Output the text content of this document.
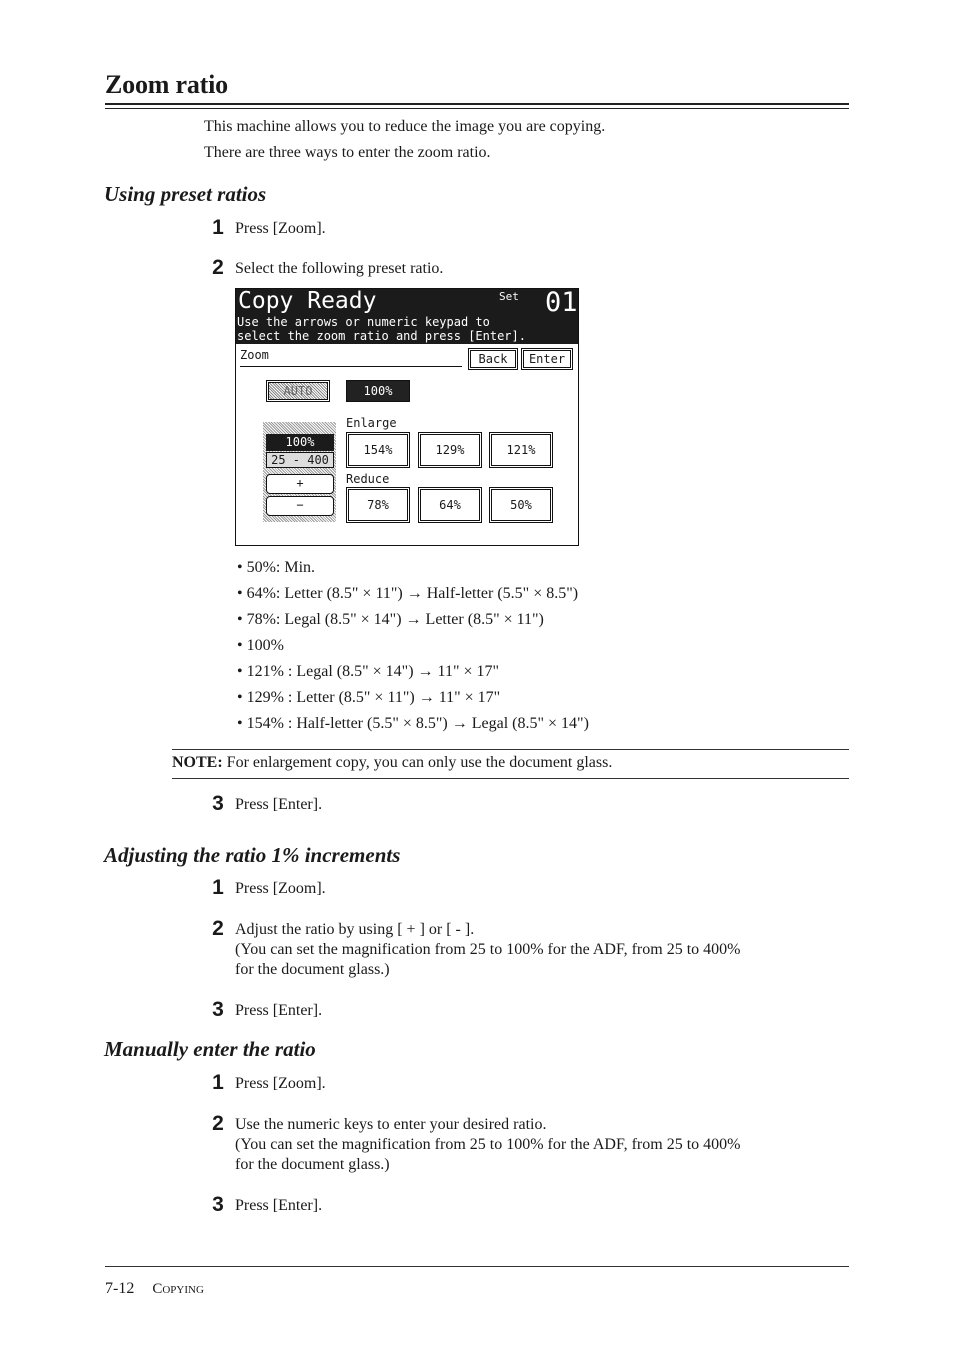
Zoom ratio
This machine allows you to reduce the image you are copying.
There are three ways to enter the zoom ratio.
Using preset ratios
1 Press [Zoom].
2 Select the following preset ratio.
Copy Ready	Set 01
Use the arrows or numeric keypad to
select the zoom ratio and press [Enter].
Zoom	Back	Enter
AUTO	100%
100%
25 - 400
+
−
Enlarge
154%	129%	121%
Reduce
78%	64%	50%
• 50%: Min.
• 64%: Letter (8.5" × 11") → Half-letter (5.5" × 8.5")
• 78%: Legal (8.5" × 14") → Letter (8.5" × 11")
• 100%
• 121% : Legal (8.5" × 14") → 11" × 17"
• 129% : Letter (8.5" × 11") → 11" × 17"
• 154% : Half-letter (5.5" × 8.5") → Legal (8.5" × 14")
NOTE: For enlargement copy, you can only use the document glass.
3 Press [Enter].
Adjusting the ratio 1% increments
1 Press [Zoom].
2 Adjust the ratio by using [ + ] or [ - ].
(You can set the magnification from 25 to 100% for the ADF, from 25 to 400%
for the document glass.)
3 Press [Enter].
Manually enter the ratio
1 Press [Zoom].
2 Use the numeric keys to enter your desired ratio.
(You can set the magnification from 25 to 100% for the ADF, from 25 to 400%
for the document glass.)
3 Press [Enter].
7-12 Copying
